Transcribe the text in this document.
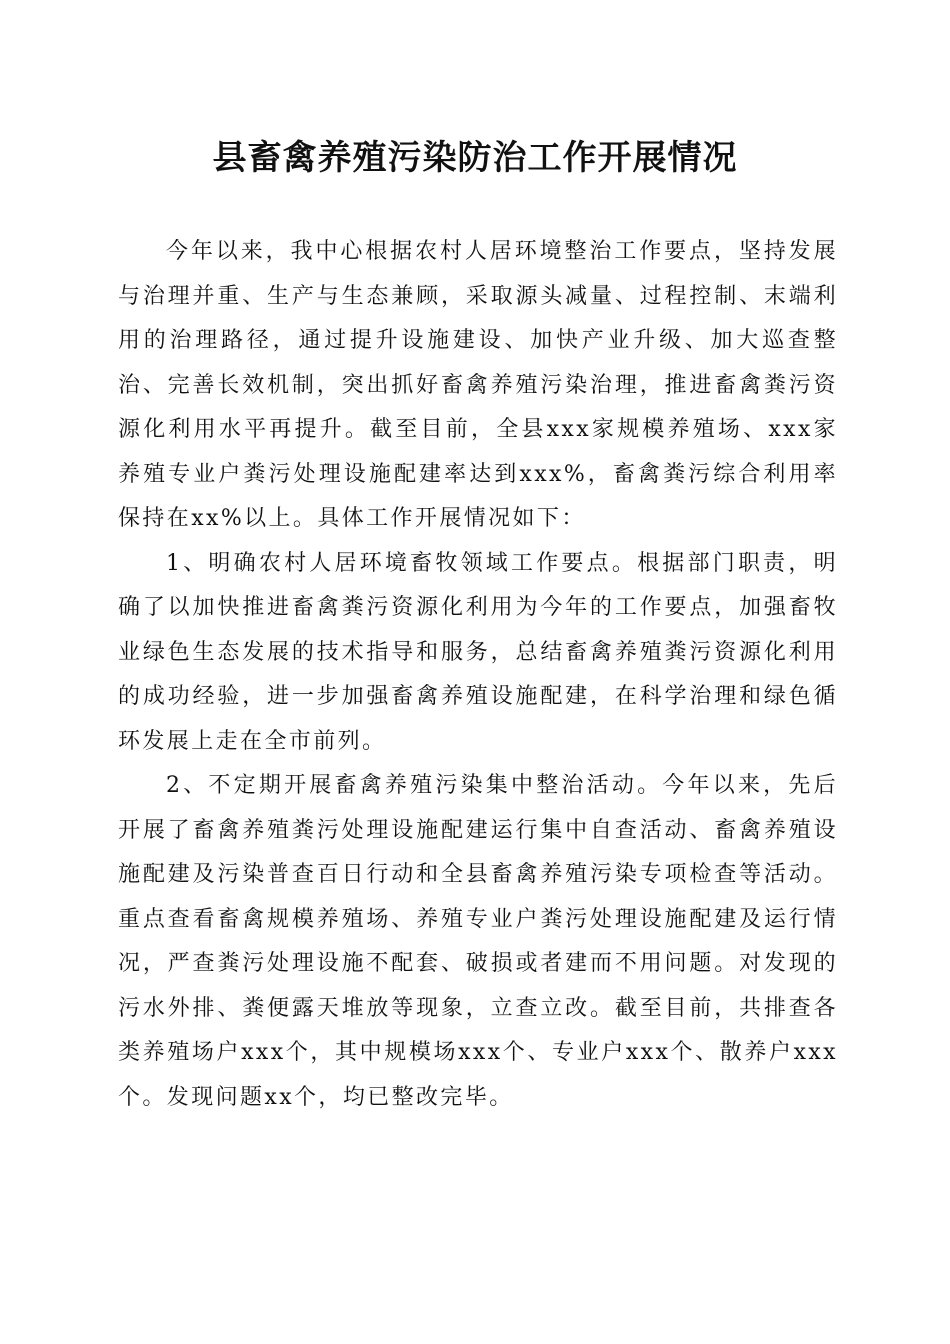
县畜禽养殖污染防治工作开展情况

今年以来，我中心根据农村人居环境整治工作要点，坚持发展与治理并重、生产与生态兼顾，采取源头减量、过程控制、末端利用的治理路径，通过提升设施建设、加快产业升级、加大巡查整治、完善长效机制，突出抓好畜禽养殖污染治理，推进畜禽粪污资源化利用水平再提升。截至目前，全县xxx家规模养殖场、xxx家养殖专业户粪污处理设施配建率达到xxx%，畜禽粪污综合利用率保持在xx%以上。具体工作开展情况如下：

1、明确农村人居环境畜牧领域工作要点。根据部门职责，明确了以加快推进畜禽粪污资源化利用为今年的工作要点，加强畜牧业绿色生态发展的技术指导和服务，总结畜禽养殖粪污资源化利用的成功经验，进一步加强畜禽养殖设施配建，在科学治理和绿色循环发展上走在全市前列。

2、不定期开展畜禽养殖污染集中整治活动。今年以来，先后开展了畜禽养殖粪污处理设施配建运行集中自查活动、畜禽养殖设施配建及污染普查百日行动和全县畜禽养殖污染专项检查等活动。重点查看畜禽规模养殖场、养殖专业户粪污处理设施配建及运行情况，严查粪污处理设施不配套、破损或者建而不用问题。对发现的污水外排、粪便露天堆放等现象，立查立改。截至目前，共排查各类养殖场户xxx个，其中规模场xxx个、专业户xxx个、散养户xxx个。发现问题xx个，均已整改完毕。
